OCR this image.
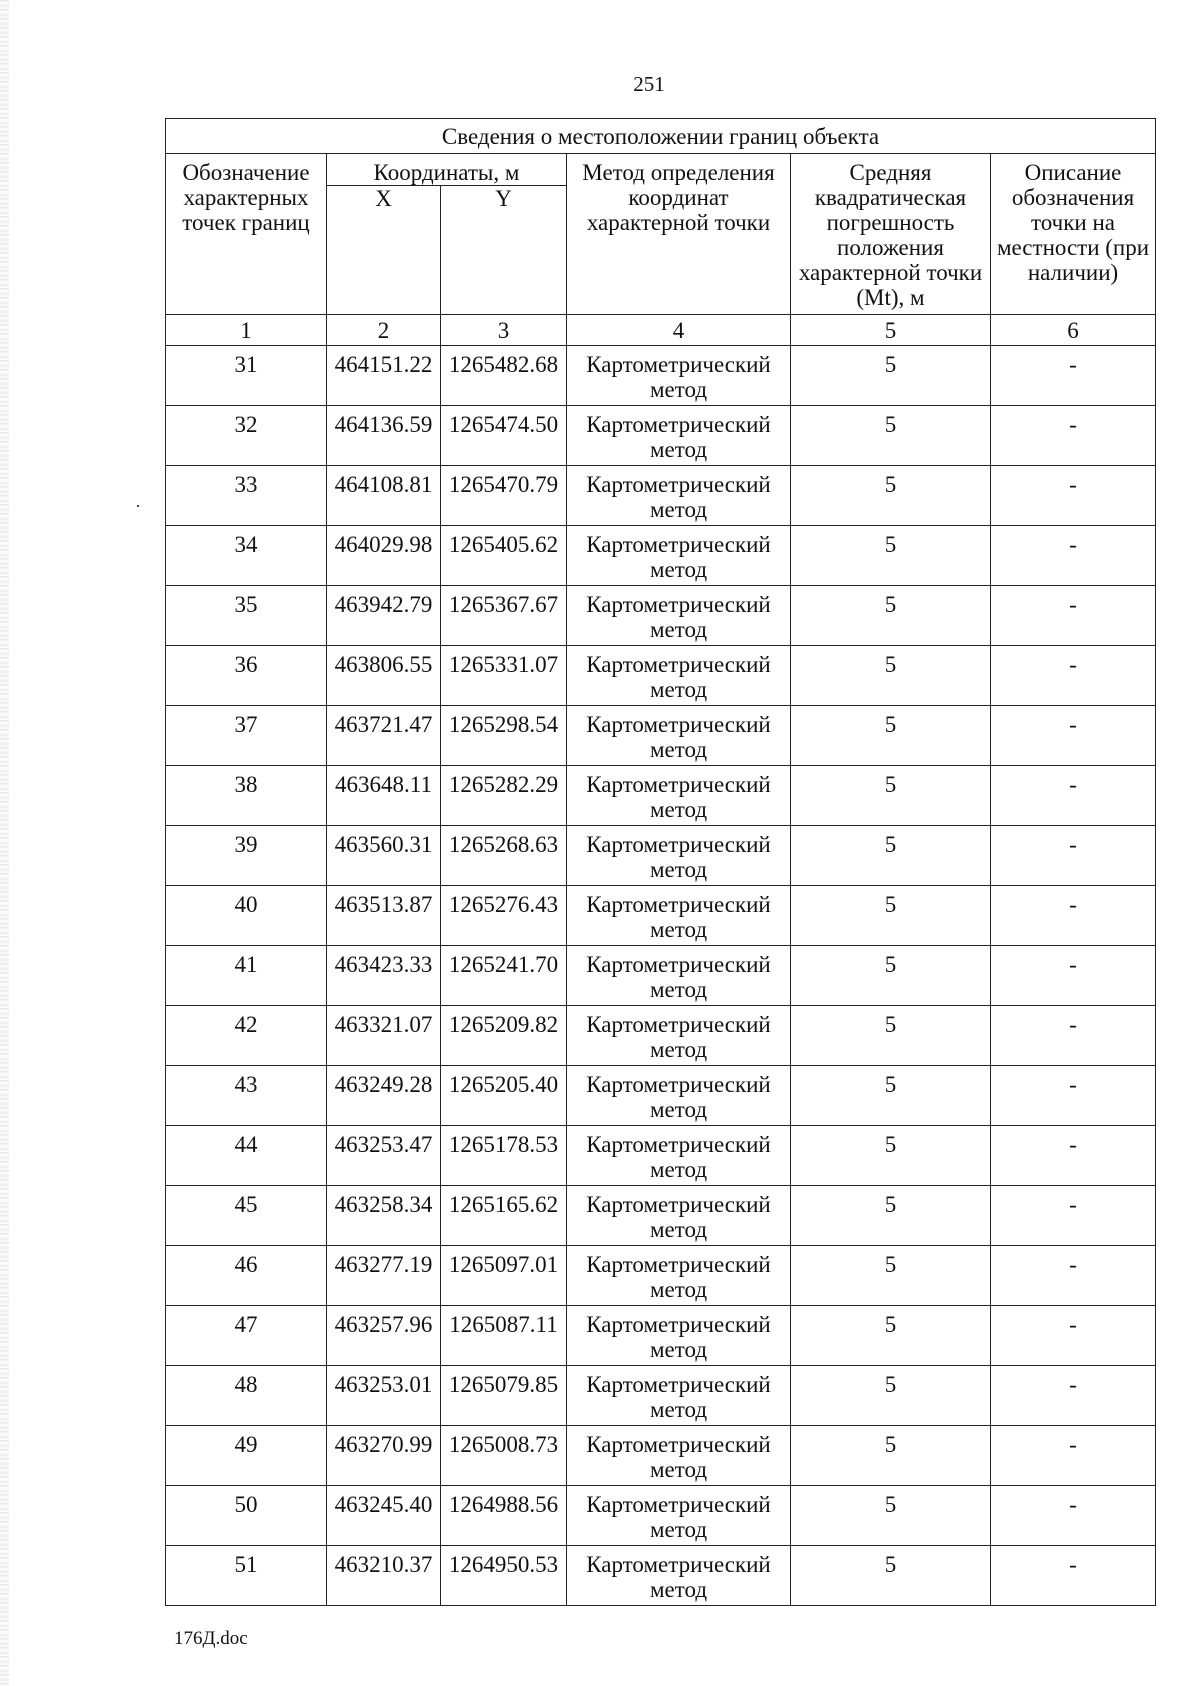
251
Сведения о местоположении границ объекта					
Обозначение характерных точек границ	Координаты, м		Метод определения координат характерной точки	Средняя квадратическая погрешность положения характерной точки (Mt), м	Описание обозначения точки на местности (при наличии)
	X	Y			
1	2	3	4	5	6
31	464151.22	1265482.68	Картометрический метод	5	-
32	464136.59	1265474.50	Картометрический метод	5	-
33	464108.81	1265470.79	Картометрический метод	5	-
34	464029.98	1265405.62	Картометрический метод	5	-
35	463942.79	1265367.67	Картометрический метод	5	-
36	463806.55	1265331.07	Картометрический метод	5	-
37	463721.47	1265298.54	Картометрический метод	5	-
38	463648.11	1265282.29	Картометрический метод	5	-
39	463560.31	1265268.63	Картометрический метод	5	-
40	463513.87	1265276.43	Картометрический метод	5	-
41	463423.33	1265241.70	Картометрический метод	5	-
42	463321.07	1265209.82	Картометрический метод	5	-
43	463249.28	1265205.40	Картометрический метод	5	-
44	463253.47	1265178.53	Картометрический метод	5	-
45	463258.34	1265165.62	Картометрический метод	5	-
46	463277.19	1265097.01	Картометрический метод	5	-
47	463257.96	1265087.11	Картометрический метод	5	-
48	463253.01	1265079.85	Картометрический метод	5	-
49	463270.99	1265008.73	Картометрический метод	5	-
50	463245.40	1264988.56	Картометрический метод	5	-
51	463210.37	1264950.53	Картометрический метод	5	-
176Д.doc
